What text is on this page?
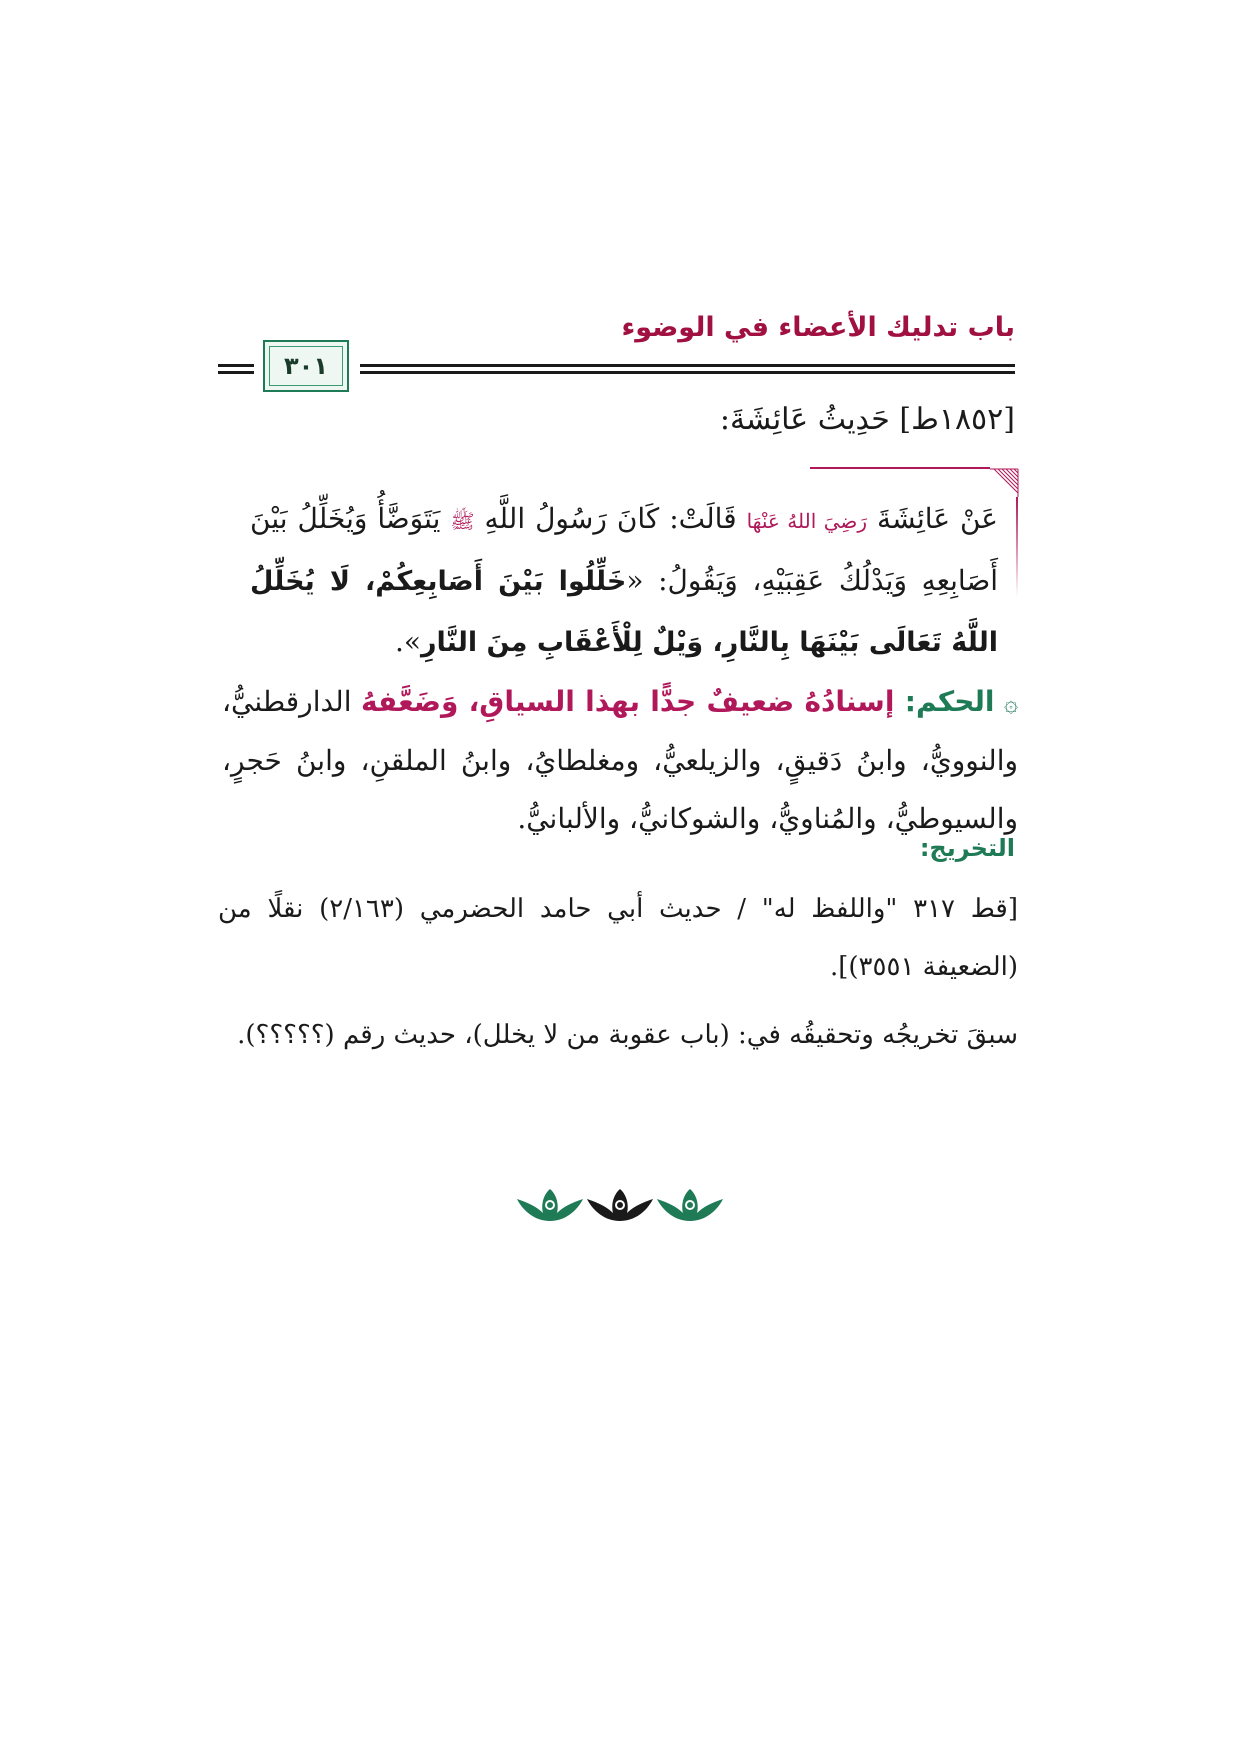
باب تدليك الأعضاء في الوضوء
٣٠١
[١٨٥٢ط] حَدِيثُ عَائِشَةَ:
عَنْ عَائِشَةَ رَضِيَ اللهُ عَنْهَا قَالَتْ: كَانَ رَسُولُ اللَّهِ ﷺ يَتَوَضَّأُ وَيُخَلِّلُ بَيْنَ أَصَابِعِهِ وَيَدْلُكُ عَقِبَيْهِ، وَيَقُولُ: «خَلِّلُوا بَيْنَ أَصَابِعِكُمْ، لَا يُخَلِّلُ اللَّهُ تَعَالَى بَيْنَهَا بِالنَّارِ، وَيْلٌ لِلْأَعْقَابِ مِنَ النَّارِ».
۞ الحكم: إسنادُهُ ضعيفٌ جدًّا بهذا السياقِ، وَضَعَّفهُ الدارقطنيُّ، والنوويُّ، وابنُ دَقيقٍ، والزيلعيُّ، ومغلطايُ، وابنُ الملقنِ، وابنُ حَجرٍ، والسيوطيُّ، والمُناويُّ، والشوكانيُّ، والألبانيُّ.
التخريج:

[قط ٣١٧ "واللفظ له" / حديث أبي حامد الحضرمي (٢/١٦٣) نقلًا من (الضعيفة ٣٥٥١)].

سبقَ تخريجُه وتحقيقُه في: (باب عقوبة من لا يخلل)، حديث رقم (؟؟؟؟؟).
